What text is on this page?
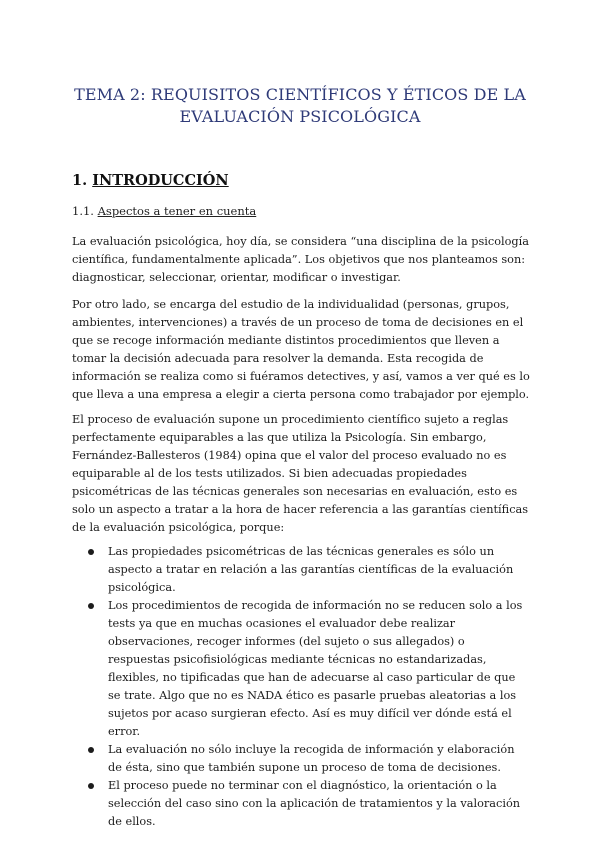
TEMA 2: REQUISITOS CIENTÍFICOS Y ÉTICOS DE LA
EVALUACIÓN PSICOLÓGICA
1. INTRODUCCIÓN
1.1. Aspectos a tener en cuenta

La evaluación psicológica, hoy día, se considera “una disciplina de la psicología científica, fundamentalmente aplicada”. Los objetivos que nos planteamos son: diagnosticar, seleccionar, orientar, modificar o investigar.

Por otro lado, se encarga del estudio de la individualidad (personas, grupos, ambientes, intervenciones) a través de un proceso de toma de decisiones en el que se recoge información mediante distintos procedimientos que lleven a tomar la decisión adecuada para resolver la demanda. Esta recogida de información se realiza como si fuéramos detectives, y así, vamos a ver qué es lo que lleva a una empresa a elegir a cierta persona como trabajador por ejemplo.

El proceso de evaluación supone un procedimiento científico sujeto a reglas perfectamente equiparables a las que utiliza la Psicología. Sin embargo, Fernández-Ballesteros (1984) opina que el valor del proceso evaluado no es equiparable al de los tests utilizados. Si bien adecuadas propiedades psicométricas de las técnicas generales son necesarias en evaluación, esto es solo un aspecto a tratar a la hora de hacer referencia a las garantías científicas de la evaluación psicológica, porque:

Las propiedades psicométricas de las técnicas generales es sólo un aspecto a tratar en relación a las garantías científicas de la evaluación psicológica.
Los procedimientos de recogida de información no se reducen solo a los tests ya que en muchas ocasiones el evaluador debe realizar observaciones, recoger informes (del sujeto o sus allegados) o respuestas psicofisiológicas mediante técnicas no estandarizadas, flexibles, no tipificadas que han de adecuarse al caso particular de que se trate. Algo que no es NADA ético es pasarle pruebas aleatorias a los sujetos por acaso surgieran efecto. Así es muy difícil ver dónde está el error.
La evaluación no sólo incluye la recogida de información y elaboración de ésta, sino que también supone un proceso de toma de decisiones.
El proceso puede no terminar con el diagnóstico, la orientación o la selección del caso sino con la aplicación de tratamientos y la valoración de ellos.
